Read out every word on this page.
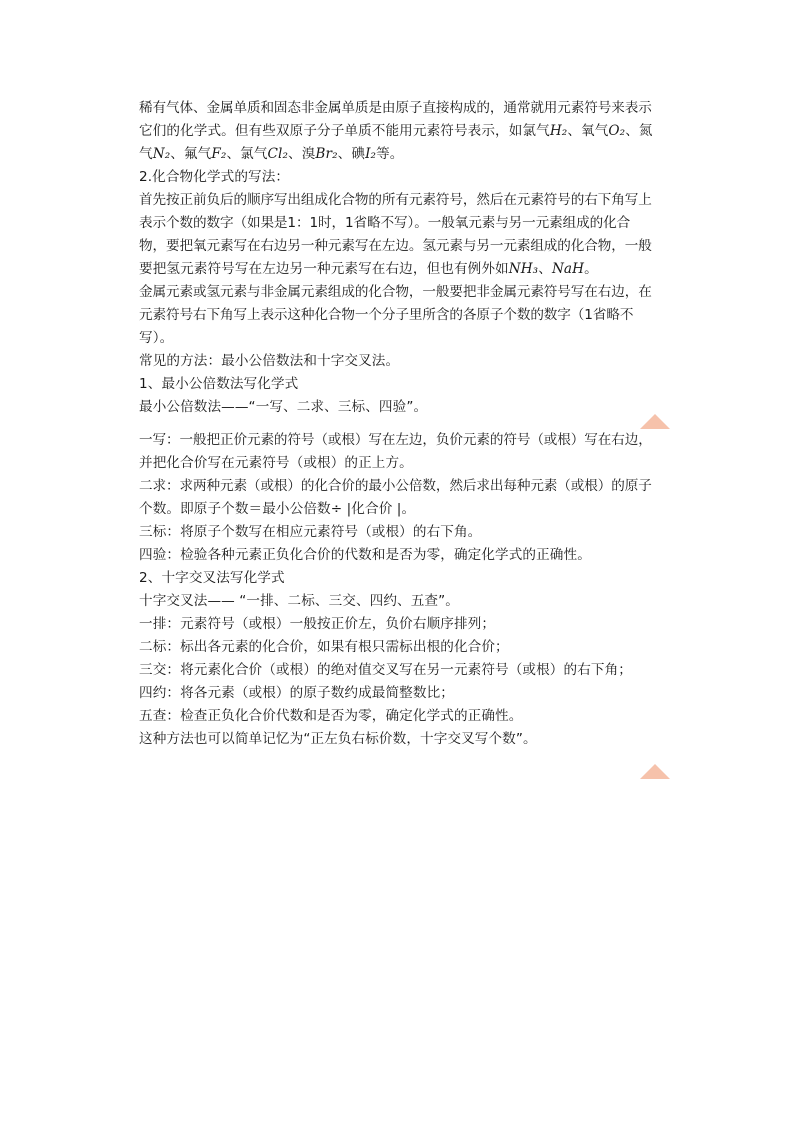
稀有气体、金属单质和固态非金属单质是由原子直接构成的，通常就用元素符号来表示
它们的化学式。但有些双原子分子单质不能用元素符号表示，如氯气H₂、氧气O₂、氮
气N₂、氟气F₂、氯气Cl₂、溴Br₂、碘I₂等。
2.化合物化学式的写法：
首先按正前负后的顺序写出组成化合物的所有元素符号，然后在元素符号的右下角写上
表示个数的数字（如果是1：1时，1省略不写）。一般氧元素与另一元素组成的化合
物，要把氧元素写在右边另一种元素写在左边。氢元素与另一元素组成的化合物，一般
要把氢元素符号写在左边另一种元素写在右边，但也有例外如NH₃、NaH。
金属元素或氢元素与非金属元素组成的化合物，一般要把非金属元素符号写在右边，在
元素符号右下角写上表示这种化合物一个分子里所含的各原子个数的数字（1省略不
写）。
常见的方法：最小公倍数法和十字交叉法。
1、最小公倍数法写化学式
最小公倍数法——“一写、二求、三标、四验”。
一写：一般把正价元素的符号（或根）写在左边，负价元素的符号（或根）写在右边，
并把化合价写在元素符号（或根）的正上方。
二求：求两种元素（或根）的化合价的最小公倍数，然后求出每种元素（或根）的原子
个数。即原子个数＝最小公倍数÷ |化合价 |。
三标：将原子个数写在相应元素符号（或根）的右下角。
四验：检验各种元素正负化合价的代数和是否为零，确定化学式的正确性。
2、十字交叉法写化学式
十字交叉法—— “一排、二标、三交、四约、五查”。
一排：元素符号（或根）一般按正价左，负价右顺序排列；
二标：标出各元素的化合价，如果有根只需标出根的化合价；
三交：将元素化合价（或根）的绝对值交叉写在另一元素符号（或根）的右下角；
四约：将各元素（或根）的原子数约成最简整数比；
五查：检查正负化合价代数和是否为零，确定化学式的正确性。
这种方法也可以简单记忆为“正左负右标价数，十字交叉写个数”。
